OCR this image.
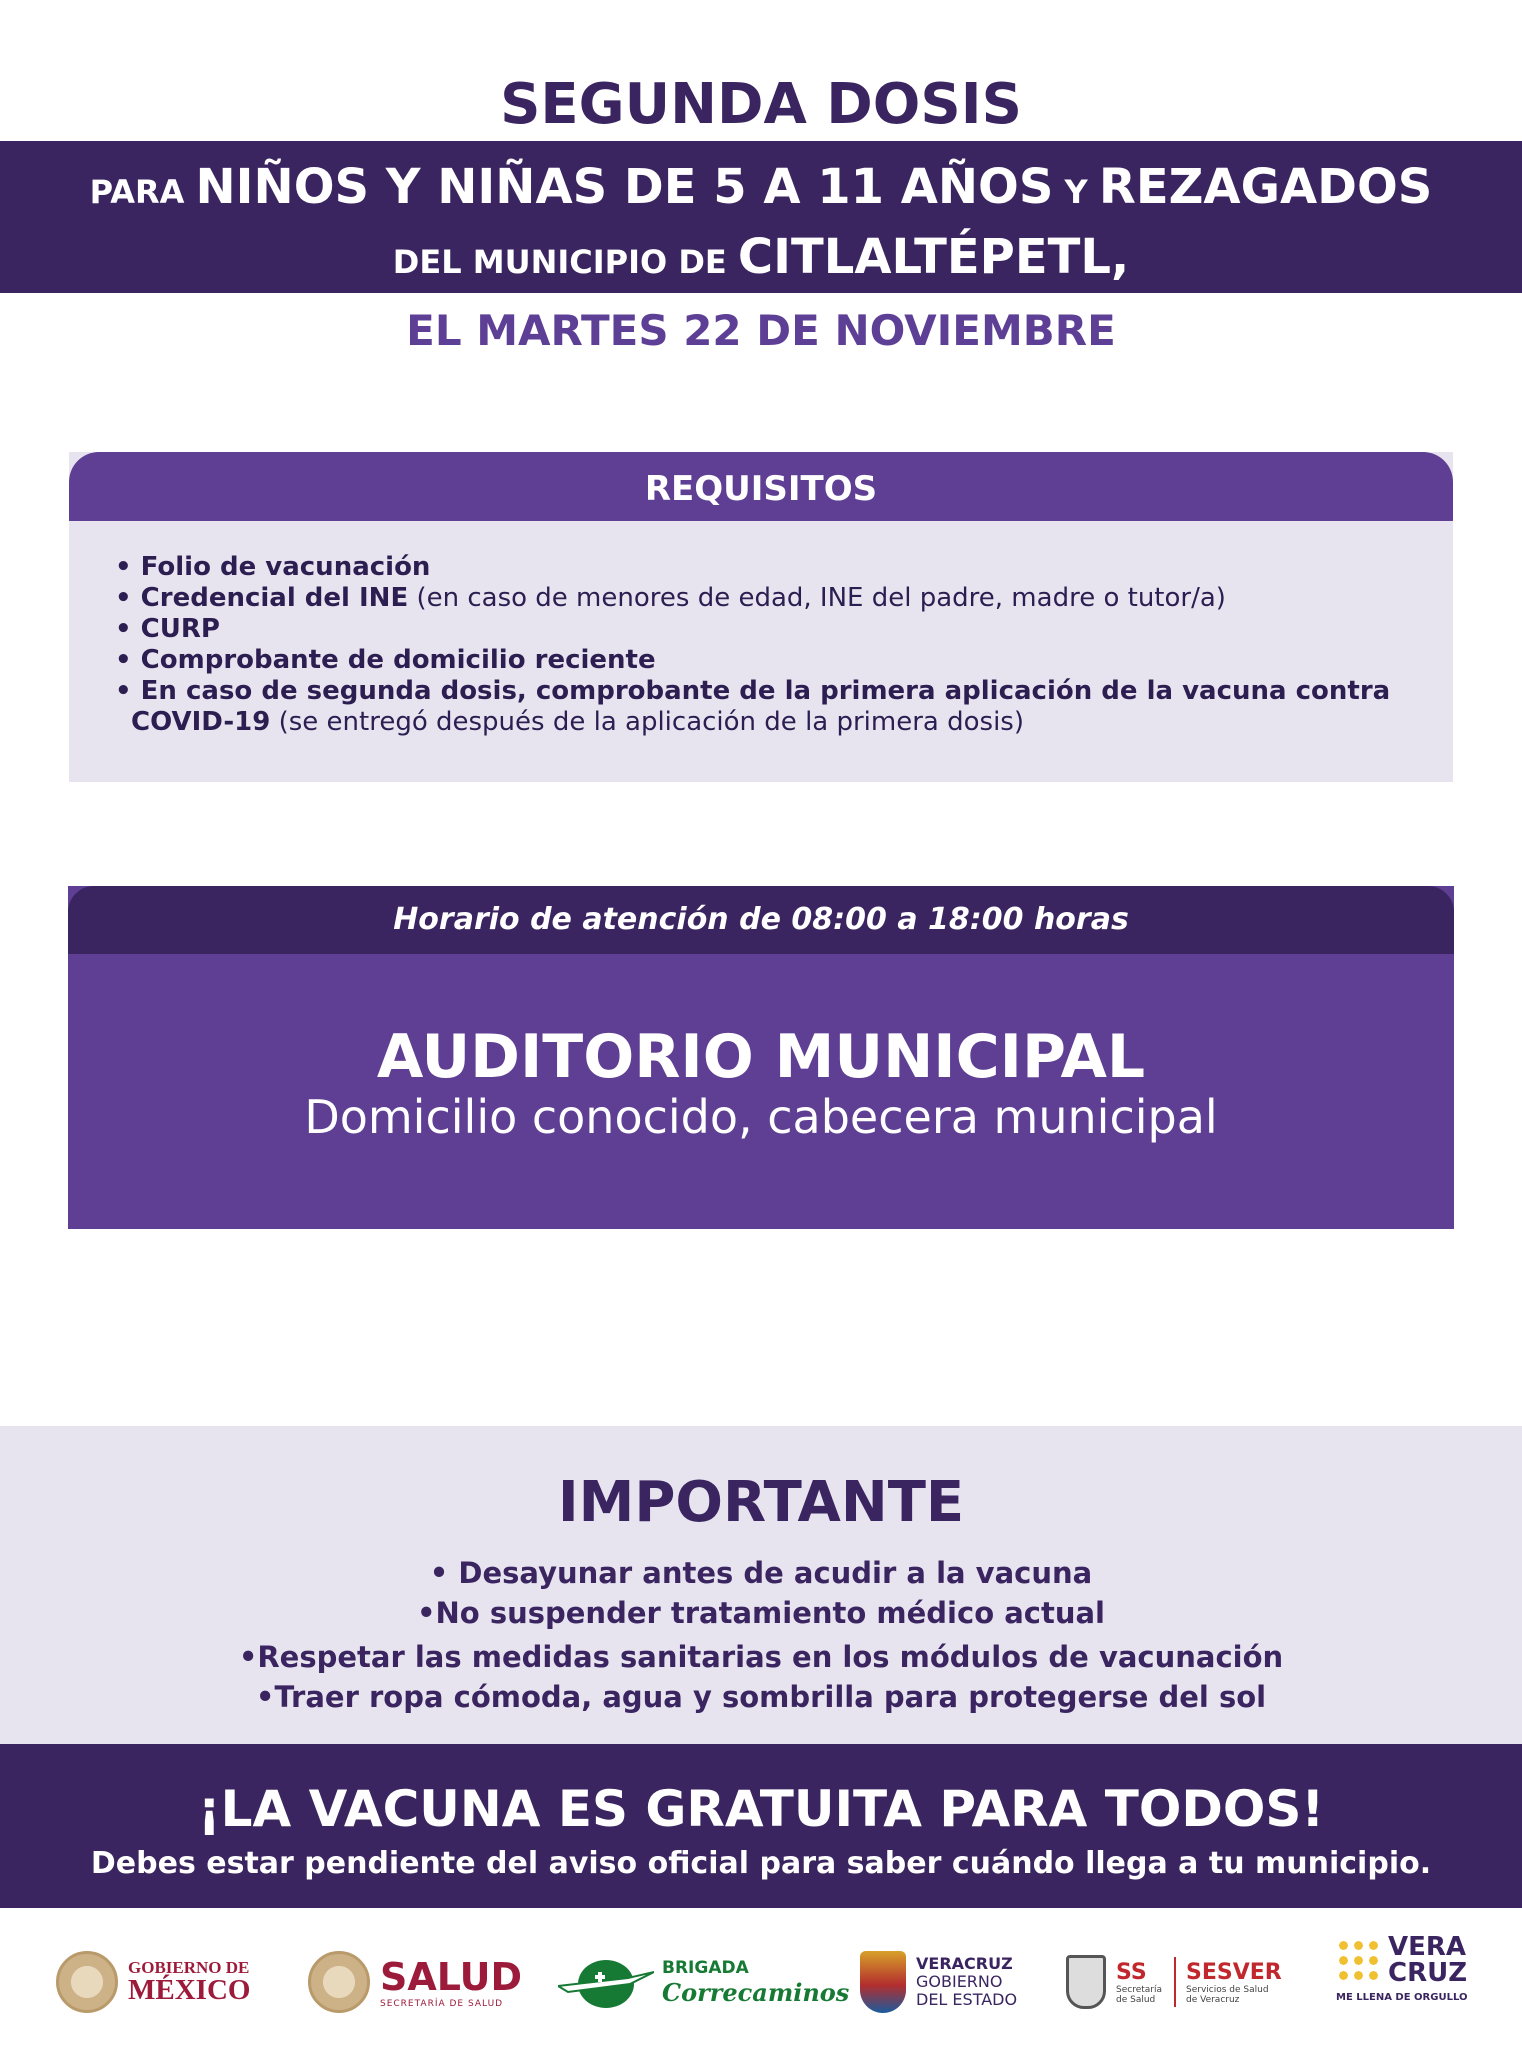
SEGUNDA DOSIS
PARA NIÑOS Y NIÑAS DE 5 A 11 AÑOS Y REZAGADOS
DEL MUNICIPIO DE CITLALTÉPETL,
EL MARTES 22 DE NOVIEMBRE
REQUISITOS
• Folio de vacunación
• Credencial del INE (en caso de menores de edad, INE del padre, madre o tutor/a)
• CURP
• Comprobante de domicilio reciente
• En caso de segunda dosis, comprobante de la primera aplicación de la vacuna contra
COVID-19 (se entregó después de la aplicación de la primera dosis)
Horario de atención de 08:00 a 18:00 horas
AUDITORIO MUNICIPAL
Domicilio conocido, cabecera municipal
IMPORTANTE
• Desayunar antes de acudir a la vacuna
•No suspender tratamiento médico actual
•Respetar las medidas sanitarias en los módulos de vacunación
•Traer ropa cómoda, agua y sombrilla para protegerse del sol
¡LA VACUNA ES GRATUITA PARA TODOS!
Debes estar pendiente del aviso oficial para saber cuándo llega a tu municipio.
GOBIERNO DE
MÉXICO	SALUD
SECRETARÍA DE SALUD
BRIGADA
Correcaminos
VERACRUZ
GOBIERNO
DEL ESTADO
SS
Secretaría
de Salud
SESVER
Servicios de Salud
de Veracruz
VERA
CRUZ
ME LLENA DE ORGULLO
